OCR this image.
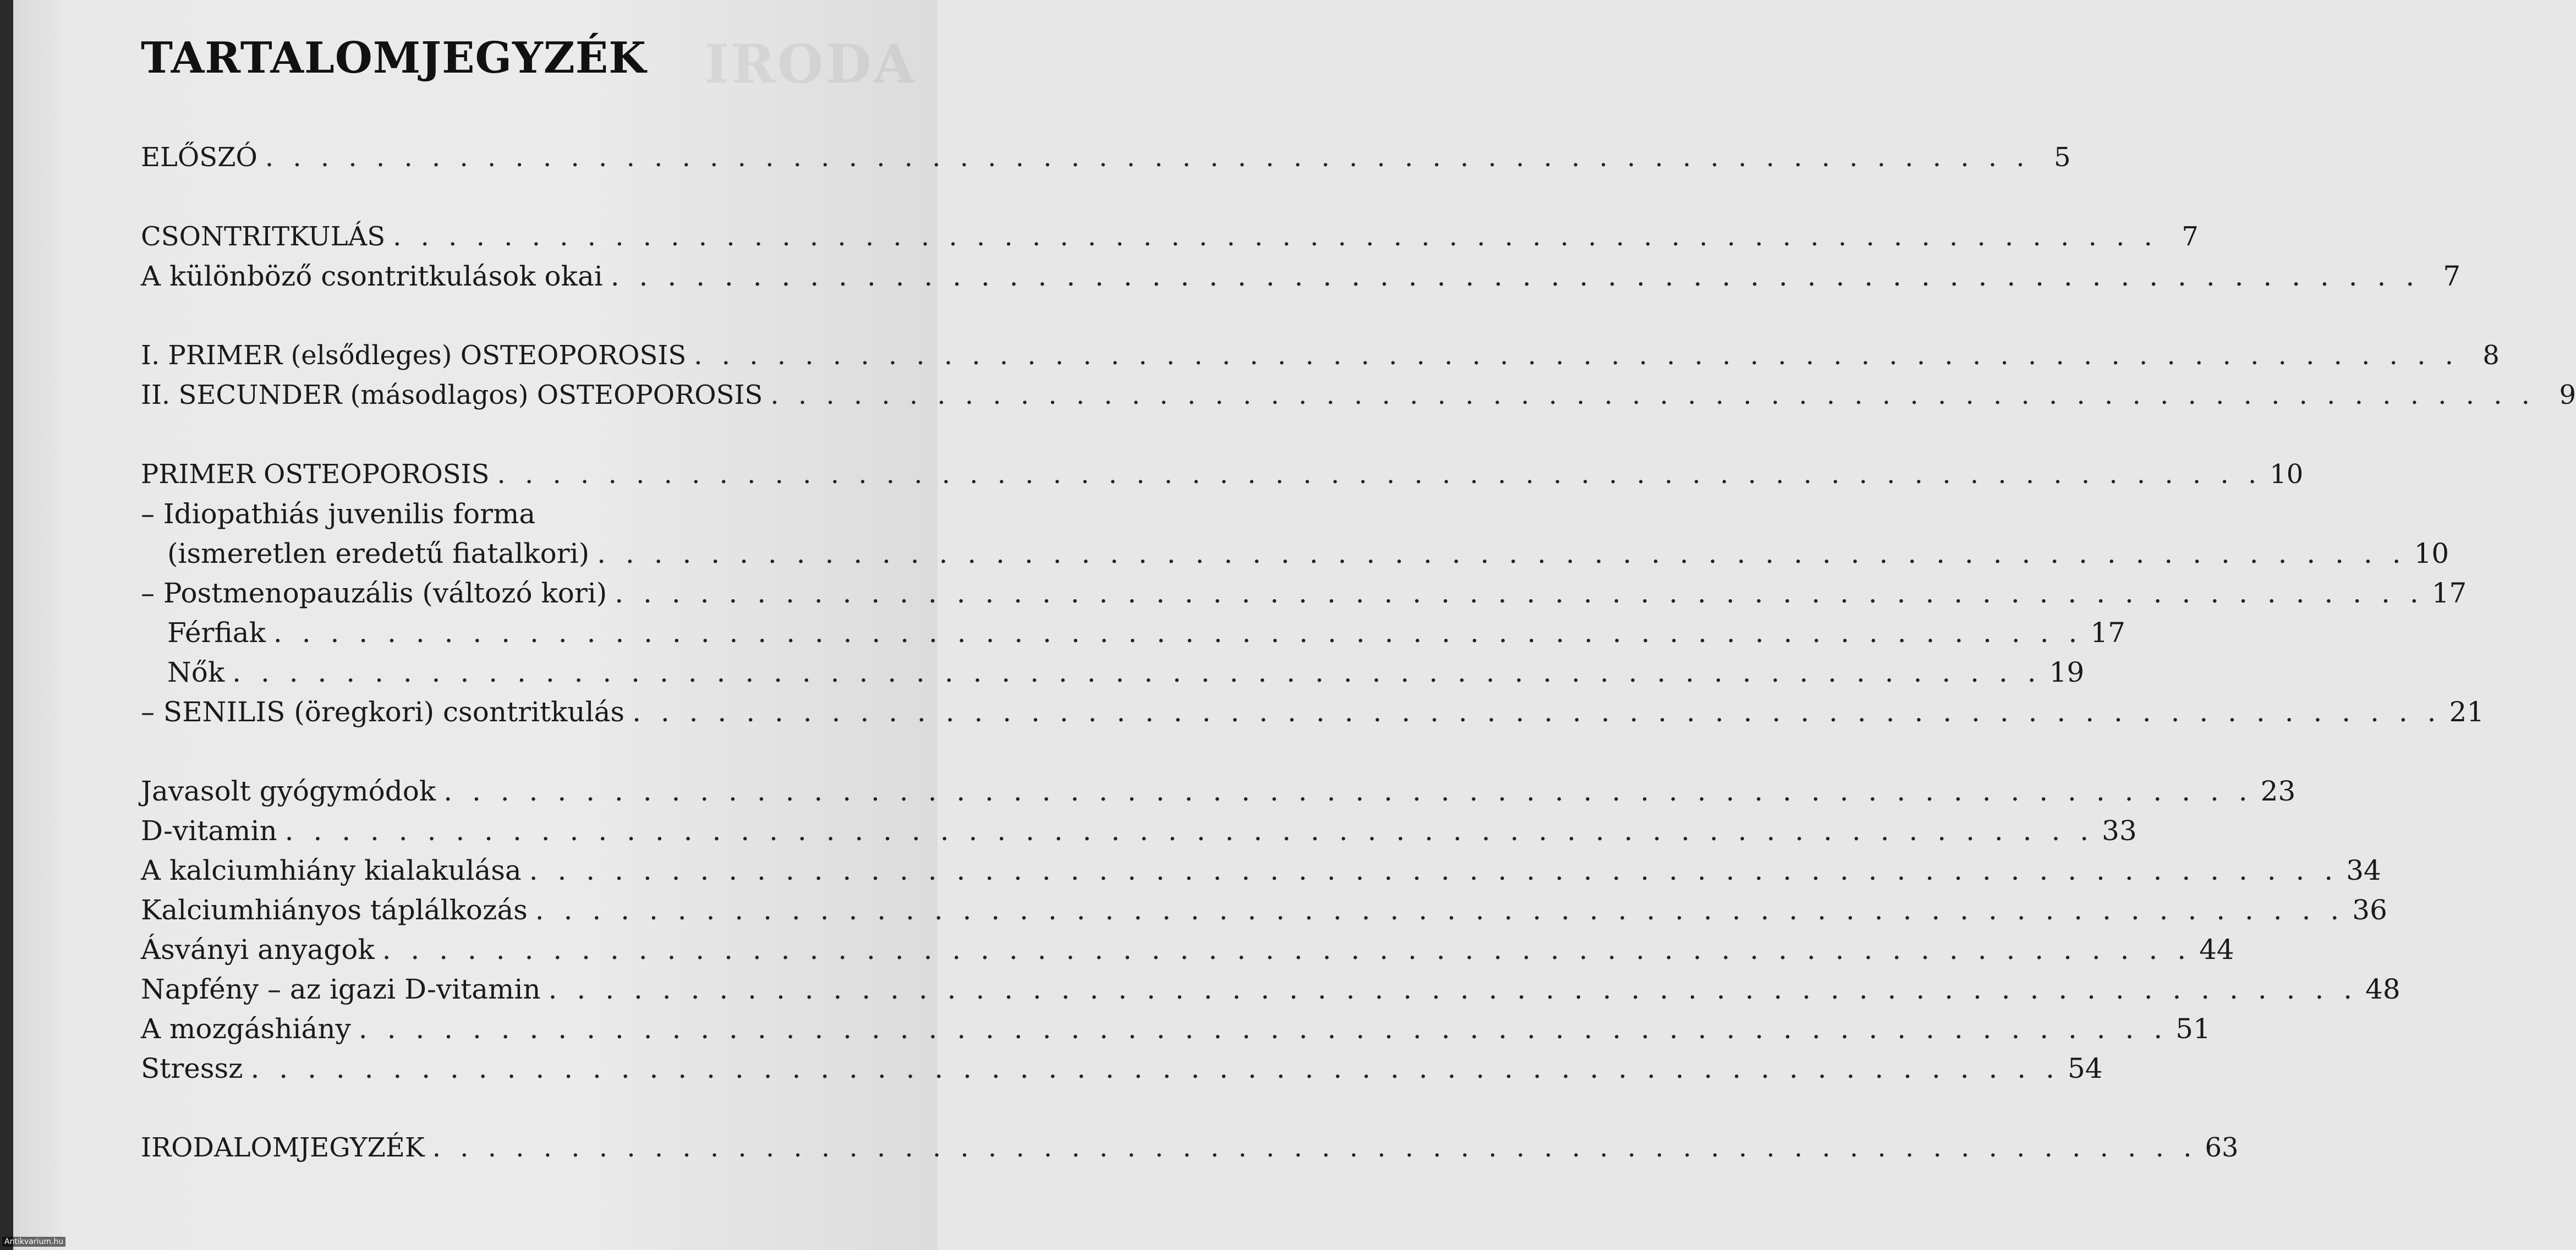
IRODA
TARTALOMJEGYZÉK
ELŐSZÓ . . . . . . . . . . . . . . . . . . . . . . . . . . . . . . . . . . . . . . . . . . . . . . . . . . . . . . . . . . . . . . . . 5
CSONTRITKULÁS . . . . . . . . . . . . . . . . . . . . . . . . . . . . . . . . . . . . . . . . . . . . . . . . . . . . . . . . . . . . . . . . 7
A különböző csontritkulások okai . . . . . . . . . . . . . . . . . . . . . . . . . . . . . . . . . . . . . . . . . . . . . . . . . . . . . . . . . . . . . . . . 7
I. PRIMER (elsődleges) OSTEOPOROSIS . . . . . . . . . . . . . . . . . . . . . . . . . . . . . . . . . . . . . . . . . . . . . . . . . . . . . . . . . . . . . . . . 8
II. SECUNDER (másodlagos) OSTEOPOROSIS . . . . . . . . . . . . . . . . . . . . . . . . . . . . . . . . . . . . . . . . . . . . . . . . . . . . . . . . . . . . . . . . 9
PRIMER OSTEOPOROSIS . . . . . . . . . . . . . . . . . . . . . . . . . . . . . . . . . . . . . . . . . . . . . . . . . . . . . . . . . . . . . . . . 10
– Idiopathiás juvenilis forma
(ismeretlen eredetű fiatalkori) . . . . . . . . . . . . . . . . . . . . . . . . . . . . . . . . . . . . . . . . . . . . . . . . . . . . . . . . . . . . . . . . 10
– Postmenopauzális (változó kori) . . . . . . . . . . . . . . . . . . . . . . . . . . . . . . . . . . . . . . . . . . . . . . . . . . . . . . . . . . . . . . . . 17
Férfiak . . . . . . . . . . . . . . . . . . . . . . . . . . . . . . . . . . . . . . . . . . . . . . . . . . . . . . . . . . . . . . . . 17
Nők . . . . . . . . . . . . . . . . . . . . . . . . . . . . . . . . . . . . . . . . . . . . . . . . . . . . . . . . . . . . . . . . 19
– SENILIS (öregkori) csontritkulás . . . . . . . . . . . . . . . . . . . . . . . . . . . . . . . . . . . . . . . . . . . . . . . . . . . . . . . . . . . . . . . . 21
Javasolt gyógymódok . . . . . . . . . . . . . . . . . . . . . . . . . . . . . . . . . . . . . . . . . . . . . . . . . . . . . . . . . . . . . . . . 23
D-vitamin . . . . . . . . . . . . . . . . . . . . . . . . . . . . . . . . . . . . . . . . . . . . . . . . . . . . . . . . . . . . . . . . 33
A kalciumhiány kialakulása . . . . . . . . . . . . . . . . . . . . . . . . . . . . . . . . . . . . . . . . . . . . . . . . . . . . . . . . . . . . . . . . 34
Kalciumhiányos táplálkozás . . . . . . . . . . . . . . . . . . . . . . . . . . . . . . . . . . . . . . . . . . . . . . . . . . . . . . . . . . . . . . . . 36
Ásványi anyagok . . . . . . . . . . . . . . . . . . . . . . . . . . . . . . . . . . . . . . . . . . . . . . . . . . . . . . . . . . . . . . . . 44
Napfény – az igazi D-vitamin . . . . . . . . . . . . . . . . . . . . . . . . . . . . . . . . . . . . . . . . . . . . . . . . . . . . . . . . . . . . . . . . 48
A mozgáshiány . . . . . . . . . . . . . . . . . . . . . . . . . . . . . . . . . . . . . . . . . . . . . . . . . . . . . . . . . . . . . . . . 51
Stressz . . . . . . . . . . . . . . . . . . . . . . . . . . . . . . . . . . . . . . . . . . . . . . . . . . . . . . . . . . . . . . . . 54
IRODALOMJEGYZÉK . . . . . . . . . . . . . . . . . . . . . . . . . . . . . . . . . . . . . . . . . . . . . . . . . . . . . . . . . . . . . . . . 63
Antikvarium.hu
